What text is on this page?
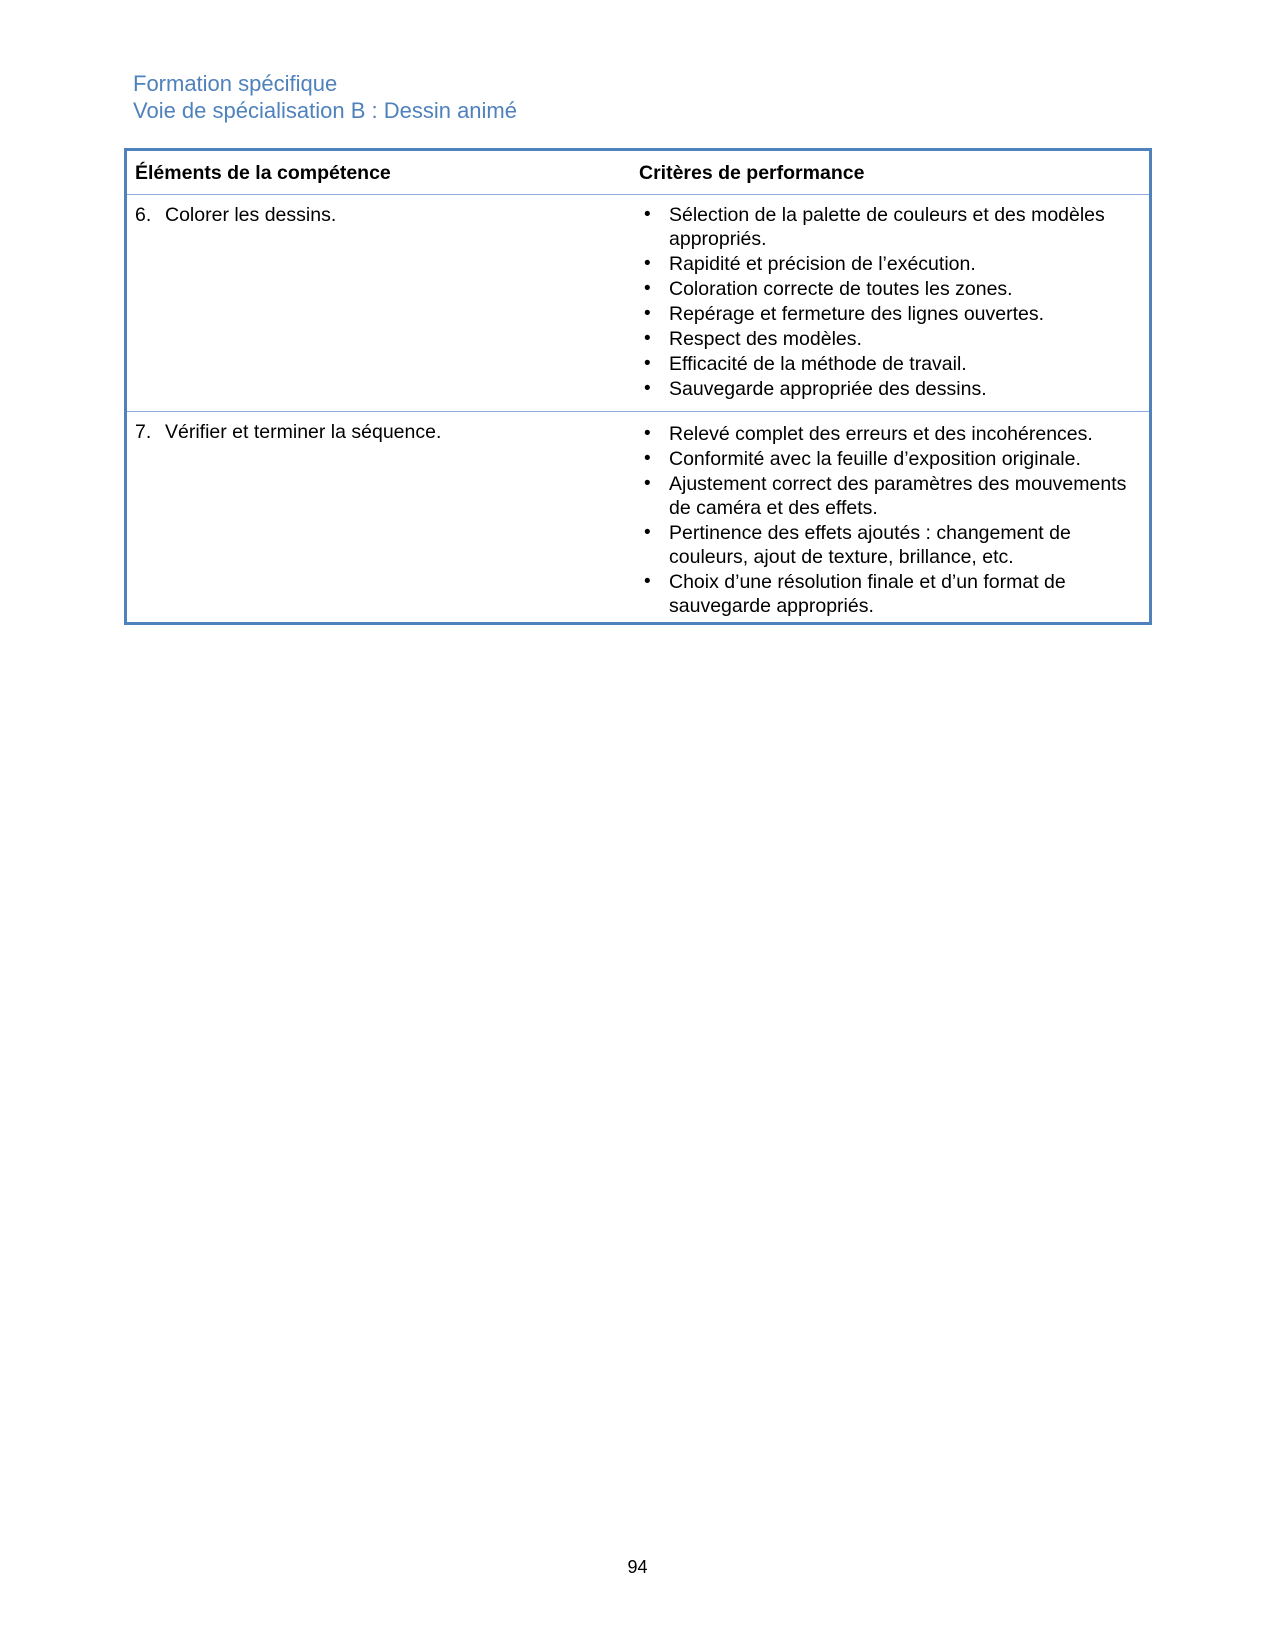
Formation spécifique
Voie de spécialisation B : Dessin animé
Éléments de la compétence	Critères de performance
6. Colorer les dessins.	• Sélection de la palette de couleurs et des modèles appropriés.
• Rapidité et précision de l’exécution.
• Coloration correcte de toutes les zones.
• Repérage et fermeture des lignes ouvertes.
• Respect des modèles.
• Efficacité de la méthode de travail.
• Sauvegarde appropriée des dessins.
7. Vérifier et terminer la séquence.	• Relevé complet des erreurs et des incohérences.
• Conformité avec la feuille d’exposition originale.
• Ajustement correct des paramètres des mouvements de caméra et des effets.
• Pertinence des effets ajoutés : changement de couleurs, ajout de texture, brillance, etc.
• Choix d’une résolution finale et d’un format de sauvegarde appropriés.
94
